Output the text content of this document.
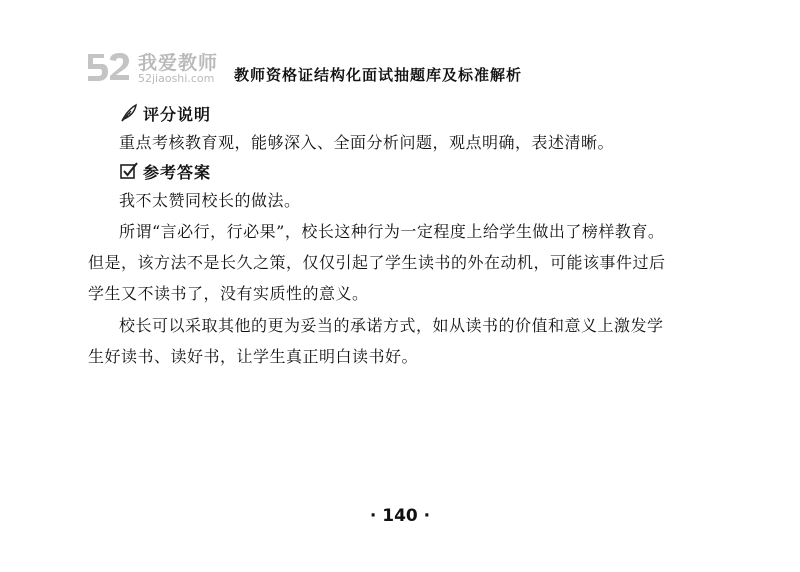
我爱教师
52jiaoshi.com 教师资格证结构化面试抽题库及标准解析
评分说明
重点考核教育观，能够深入、全面分析问题，观点明确，表述清晰。
参考答案
我不太赞同校长的做法。
所谓“言必行，行必果”，校长这种行为一定程度上给学生做出了榜样教育。
但是，该方法不是长久之策，仅仅引起了学生读书的外在动机，可能该事件过后
学生又不读书了，没有实质性的意义。
校长可以采取其他的更为妥当的承诺方式，如从读书的价值和意义上激发学
生好读书、读好书，让学生真正明白读书好。
· 140 ·
